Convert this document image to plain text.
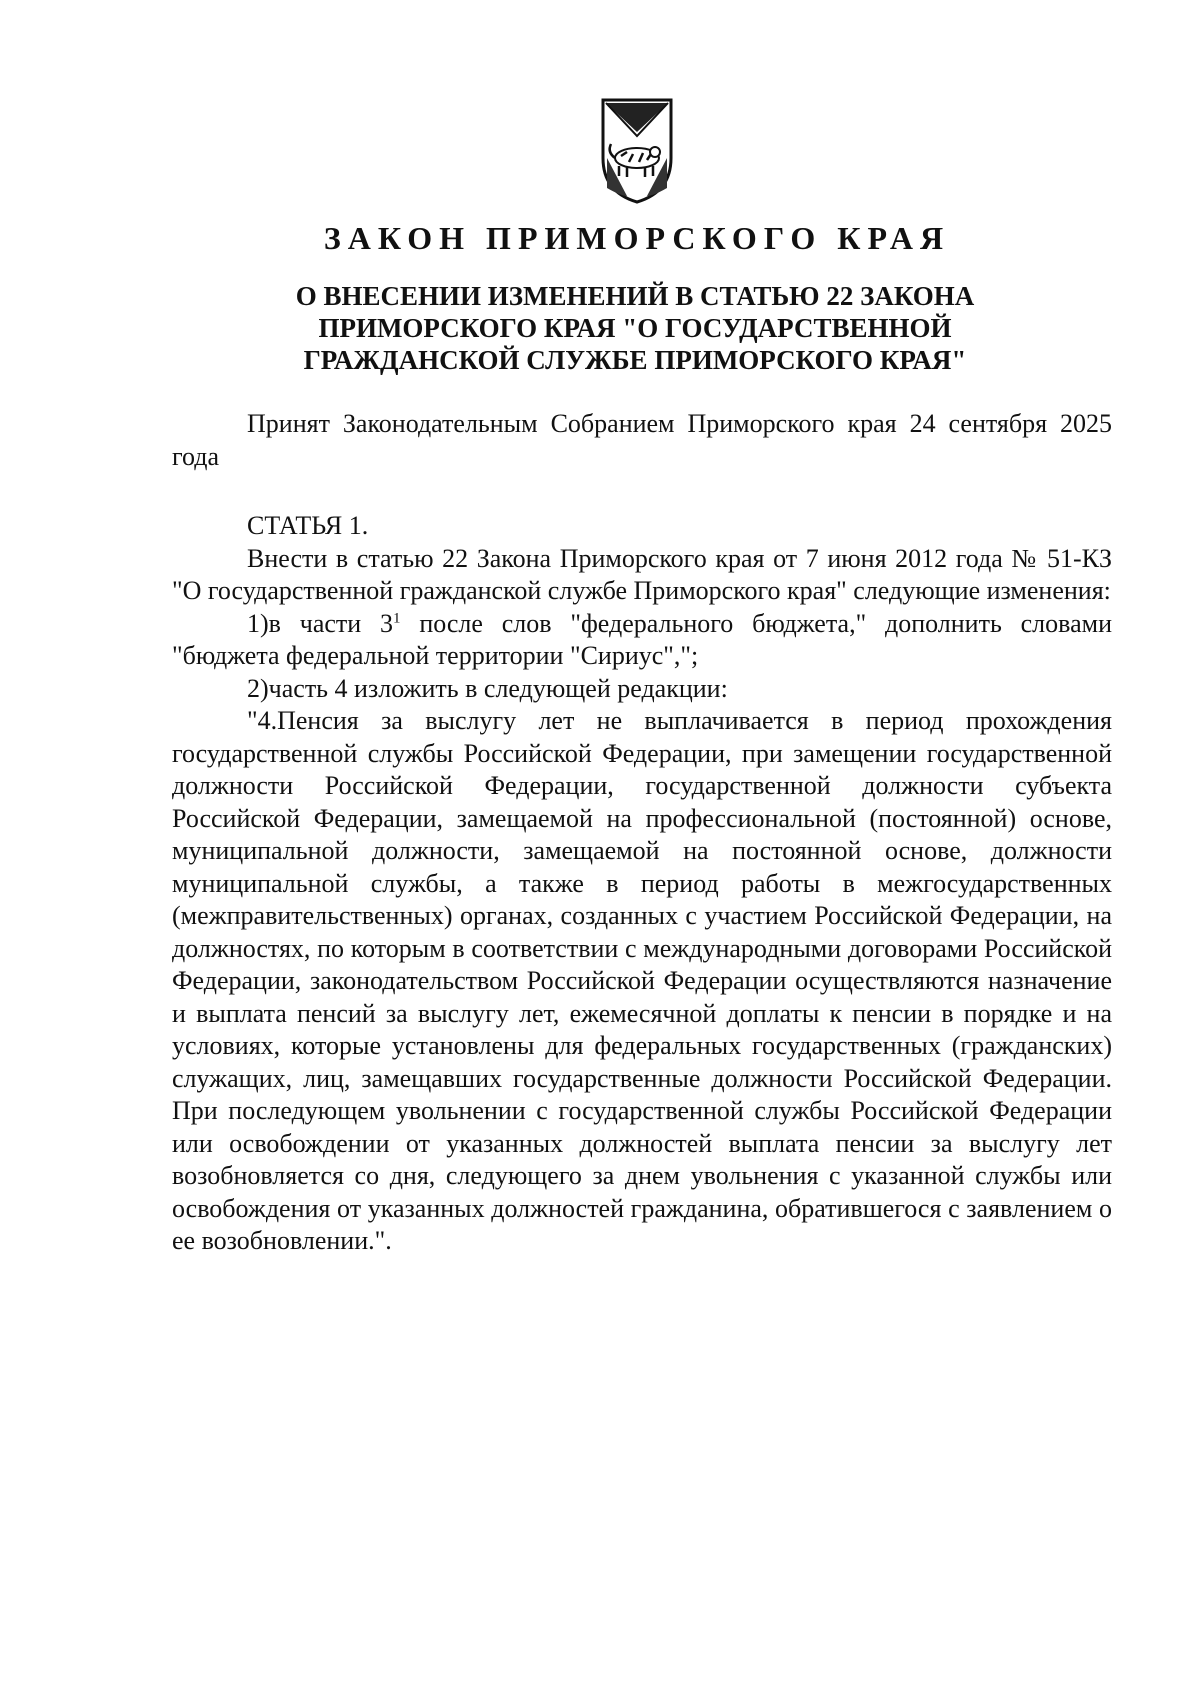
ЗАКОН ПРИМОРСКОГО КРАЯ
О ВНЕСЕНИИ ИЗМЕНЕНИЙ В СТАТЬЮ 22 ЗАКОНА ПРИМОРСКОГО КРАЯ "О ГОСУДАРСТВЕННОЙ ГРАЖДАНСКОЙ СЛУЖБЕ ПРИМОРСКОГО КРАЯ"

Принят Законодательным Собранием Приморского края 24 сентября 2025 года

СТАТЬЯ 1.

Внести в статью 22 Закона Приморского края от 7 июня 2012 года № 51-КЗ "О государственной гражданской службе Приморского края" следующие изменения:

1)в части $3^1$ после слов "федерального бюджета," дополнить словами "бюджета федеральной территории "Сириус",";

2)часть 4 изложить в следующей редакции:

"4.Пенсия за выслугу лет не выплачивается в период прохождения государственной службы Российской Федерации, при замещении государственной должности Российской Федерации, государственной должности субъекта Российской Федерации, замещаемой на профессиональной (постоянной) основе, муниципальной должности, замещаемой на постоянной основе, должности муниципальной службы, а также в период работы в межгосударственных (межправительственных) органах, созданных с участием Российской Федерации, на должностях, по которым в соответствии с международными договорами Российской Федерации, законодательством Российской Федерации осуществляются назначение и выплата пенсий за выслугу лет, ежемесячной доплаты к пенсии в порядке и на условиях, которые установлены для федеральных государственных (гражданских) служащих, лиц, замещавших государственные должности Российской Федерации. При последующем увольнении с государственной службы Российской Федерации или освобождении от указанных должностей выплата пенсии за выслугу лет возобновляется со дня, следующего за днем увольнения с указанной службы или освобождения от указанных должностей гражданина, обратившегося с заявлением о ее возобновлении.".
